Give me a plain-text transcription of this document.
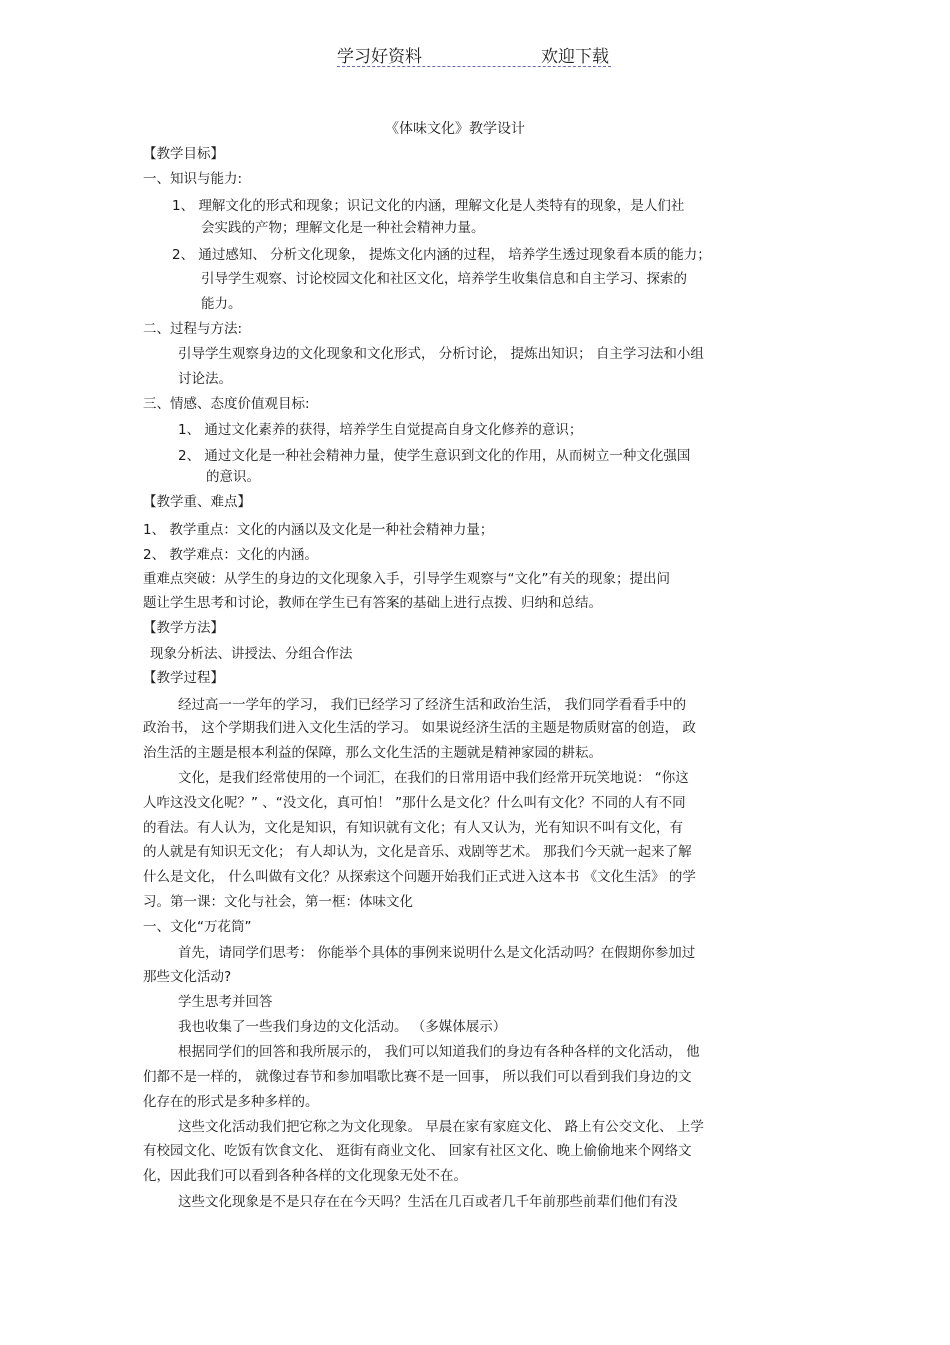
学习好资料	欢迎下载
《体味文化》教学设计
【教学目标】
一、知识与能力:
1、 理解文化的形式和现象；识记文化的内涵，理解文化是人类特有的现象，是人们社
会实践的产物；理解文化是一种社会精神力量。
2、 通过感知、 分析文化现象， 提炼文化内涵的过程， 培养学生透过现象看本质的能力；
引导学生观察、讨论校园文化和社区文化，培养学生收集信息和自主学习、探索的
能力。
二、过程与方法:
引导学生观察身边的文化现象和文化形式， 分析讨论， 提炼出知识； 自主学习法和小组
讨论法。
三、情感、态度价值观目标:
1、 通过文化素养的获得，培养学生自觉提高自身文化修养的意识；
2、 通过文化是一种社会精神力量，使学生意识到文化的作用，从而树立一种文化强国
的意识。
【教学重、难点】
1、 教学重点：文化的内涵以及文化是一种社会精神力量；
2、 教学难点：文化的内涵。
重难点突破：从学生的身边的文化现象入手，引导学生观察与“文化”有关的现象；提出问
题让学生思考和讨论，教师在学生已有答案的基础上进行点拨、归纳和总结。
【教学方法】
现象分析法、讲授法、分组合作法
【教学过程】
经过高一一学年的学习， 我们已经学习了经济生活和政治生活， 我们同学看看手中的
政治书， 这个学期我们进入文化生活的学习。 如果说经济生活的主题是物质财富的创造， 政
治生活的主题是根本利益的保障，那么文化生活的主题就是精神家园的耕耘。
文化，是我们经常使用的一个词汇，在我们的日常用语中我们经常开玩笑地说： “你这
人咋这没文化呢？” 、“没文化，真可怕！ ”那什么是文化？什么叫有文化？不同的人有不同
的看法。有人认为，文化是知识，有知识就有文化；有人又认为，光有知识不叫有文化，有
的人就是有知识无文化； 有人却认为，文化是音乐、戏剧等艺术。 那我们今天就一起来了解
什么是文化， 什么叫做有文化？从探索这个问题开始我们正式进入这本书 《文化生活》 的学
习。第一课：文化与社会，第一框：体味文化
一、文化“万花筒”
首先，请同学们思考： 你能举个具体的事例来说明什么是文化活动吗？在假期你参加过
那些文化活动?
学生思考并回答
我也收集了一些我们身边的文化活动。 （多媒体展示）
根据同学们的回答和我所展示的， 我们可以知道我们的身边有各种各样的文化活动， 他
们都不是一样的， 就像过春节和参加唱歌比赛不是一回事， 所以我们可以看到我们身边的文
化存在的形式是多种多样的。
这些文化活动我们把它称之为文化现象。 早晨在家有家庭文化、 路上有公交文化、 上学
有校园文化、吃饭有饮食文化、 逛街有商业文化、 回家有社区文化、晚上偷偷地来个网络文
化，因此我们可以看到各种各样的文化现象无处不在。
这些文化现象是不是只存在在今天吗？生活在几百或者几千年前那些前辈们他们有没
